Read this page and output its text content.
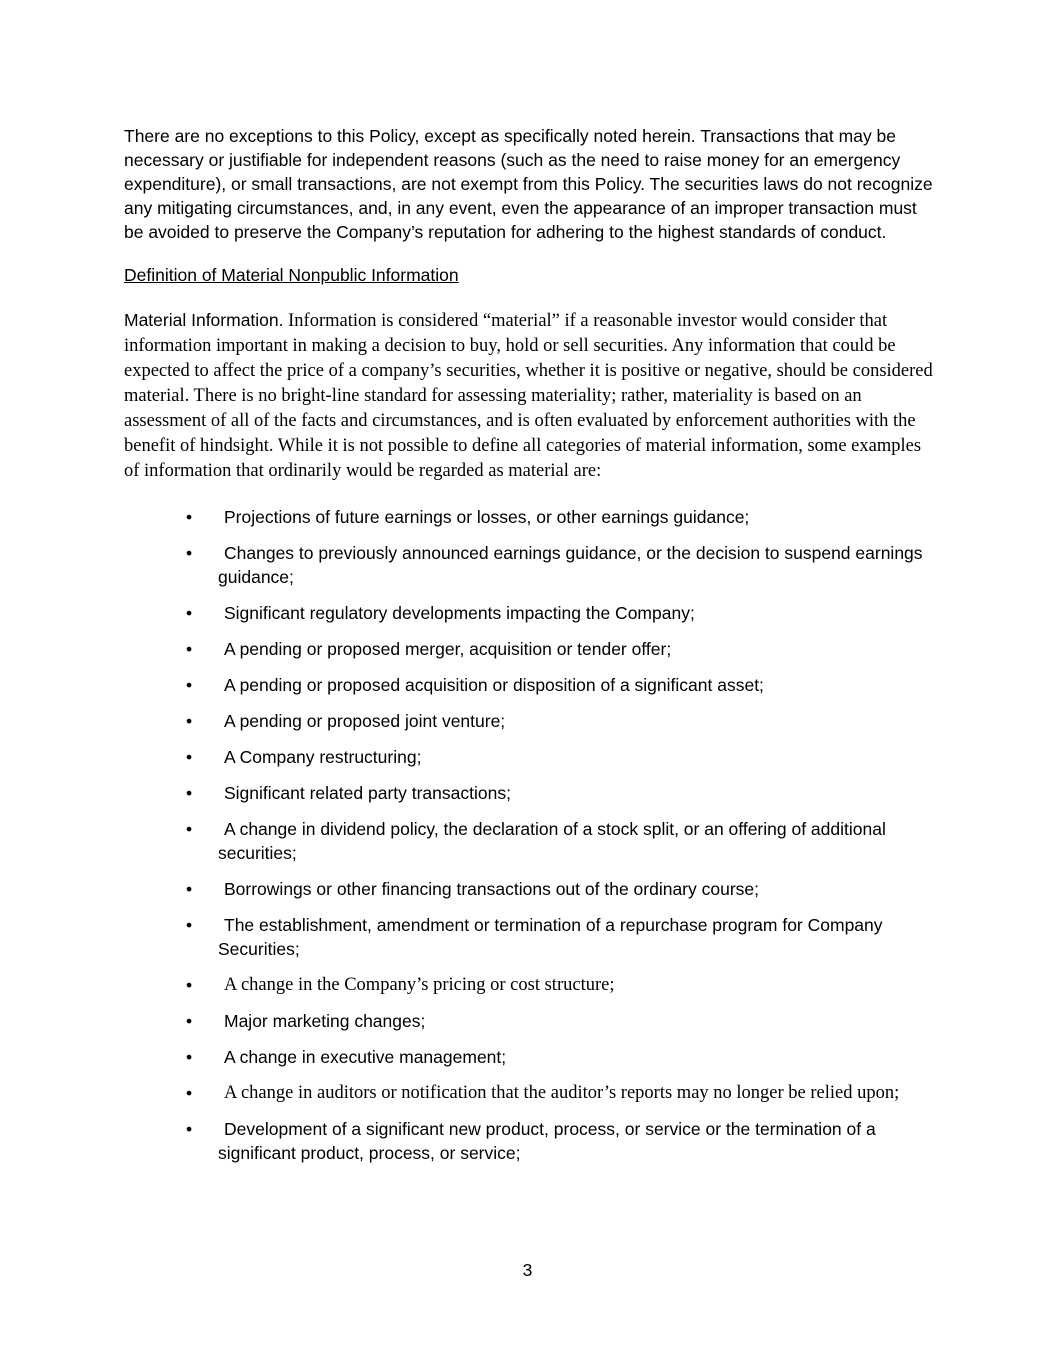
There are no exceptions to this Policy, except as specifically noted herein. Transactions that may be necessary or justifiable for independent reasons (such as the need to raise money for an emergency expenditure), or small transactions, are not exempt from this Policy. The securities laws do not recognize any mitigating circumstances, and, in any event, even the appearance of an improper transaction must be avoided to preserve the Company’s reputation for adhering to the highest standards of conduct.

Definition of Material Nonpublic Information

Material Information. Information is considered “material” if a reasonable investor would consider that information important in making a decision to buy, hold or sell securities. Any information that could be expected to affect the price of a company’s securities, whether it is positive or negative, should be considered material. There is no bright-line standard for assessing materiality; rather, materiality is based on an assessment of all of the facts and circumstances, and is often evaluated by enforcement authorities with the benefit of hindsight. While it is not possible to define all categories of material information, some examples of information that ordinarily would be regarded as material are:

•	Projections of future earnings or losses, or other earnings guidance;
•	Changes to previously announced earnings guidance, or the decision to suspend earnings guidance;
•	Significant regulatory developments impacting the Company;
•	A pending or proposed merger, acquisition or tender offer;
•	A pending or proposed acquisition or disposition of a significant asset;
•	A pending or proposed joint venture;
•	A Company restructuring;
•	Significant related party transactions;
•	A change in dividend policy, the declaration of a stock split, or an offering of additional securities;
•	Borrowings or other financing transactions out of the ordinary course;
•	The establishment, amendment or termination of a repurchase program for Company Securities;
•	A change in the Company’s pricing or cost structure;
•	Major marketing changes;
•	A change in executive management;
•	A change in auditors or notification that the auditor’s reports may no longer be relied upon;
•	Development of a significant new product, process, or service or the termination of a significant product, process, or service;
3
